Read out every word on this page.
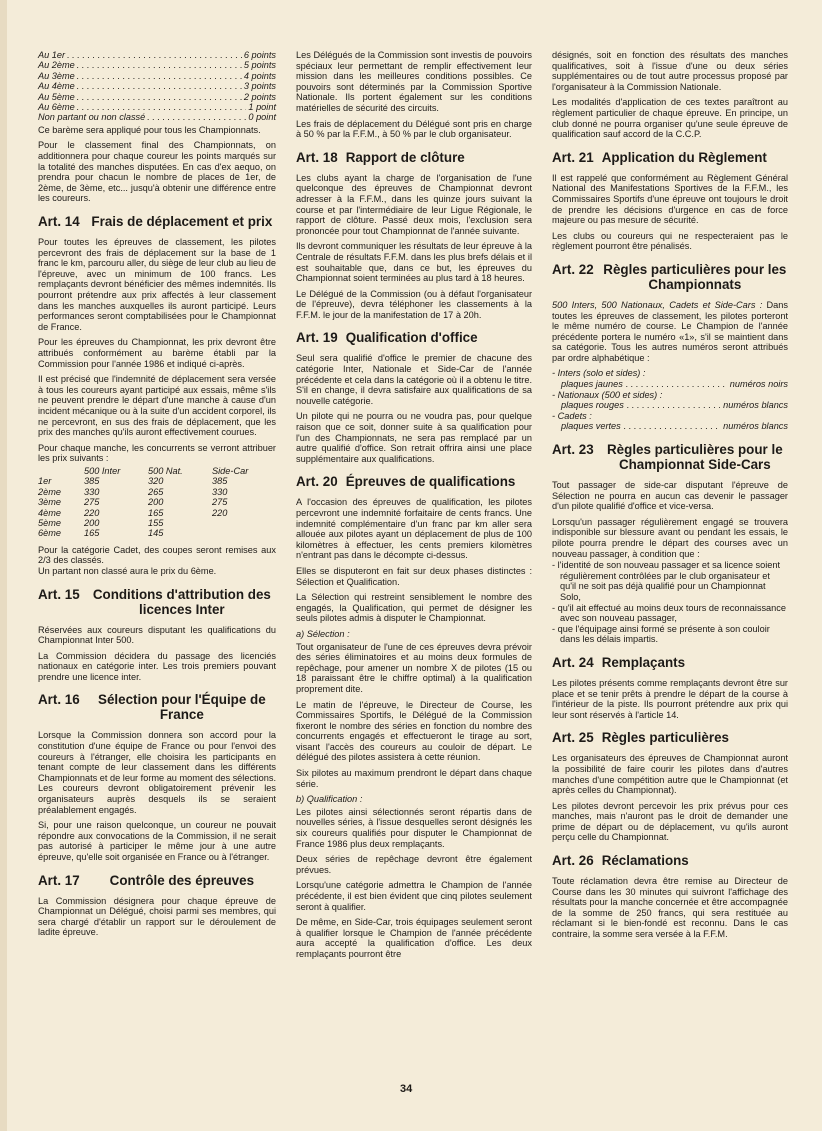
Au 1er . . .	6 points
Au 2ème . . .	5 points
Au 3ème . . .	4 points
Au 4ème . . .	3 points
Au 5ème . . .	2 points
Au 6ème . . .	1 point
Non partant ou non classé . . .	0 point

Ce barème sera appliqué pour tous les Championnats.

Pour le classement final des Championnats, on additionnera pour chaque coureur les points marqués sur la totalité des manches disputées. En cas d'ex aequo, on prendra pour chacun le nombre de places de 1er, de 2ème, de 3ème, etc... jusqu'à obtenir une différence entre les coureurs.

Art. 14 Frais de déplacement et prix

Pour toutes les épreuves de classement, les pilotes percevront des frais de déplacement sur la base de 1 franc le km, parcouru aller, du siège de leur club au lieu de l'épreuve, avec un minimum de 100 francs. Les remplaçants devront bénéficier des mêmes indemnités. Ils pourront prétendre aux prix affectés à leur classement dans les manches auxquelles ils auront participé. Leurs performances seront comptabilisées pour le Championnat de France.

Pour les épreuves du Championnat, les prix devront être attribués conformément au barème établi par la Commission pour l'année 1986 et indiqué ci-après.

Il est précisé que l'indemnité de déplacement sera versée à tous les coureurs ayant participé aux essais, même s'ils ne peuvent prendre le départ d'une manche à cause d'un incident mécanique ou à la suite d'un accident corporel, ils ne percevront, en sus des frais de déplacement, que les prix des manches qu'ils auront effectivement courues.

Pour chaque manche, les concurrents se verront attribuer les prix suivants :

	500 Inter	500 Nat.	Side-Car
1er	385	320	385
2ème	330	265	330
3ème	275	200	275
4ème	220	165	220
5ème	200	155	
6ème	165	145	

Pour la catégorie Cadet, des coupes seront remises aux 2/3 des classés.

Un partant non classé aura le prix du 6ème.

Art. 15 Conditions d'attribution des licences Inter

Réservées aux coureurs disputant les qualifications du Championnat Inter 500.

La Commission décidera du passage des licenciés nationaux en catégorie inter. Les trois premiers pouvant prendre une licence inter.

Art. 16	Sélection pour l'Équipe de France

Lorsque la Commission donnera son accord pour la constitution d'une équipe de France ou pour l'envoi des coureurs à l'étranger, elle choisira les participants en tenant compte de leur classement dans les différents Championnats et de leur forme au moment des sélections. Les coureurs devront obligatoirement prévenir les organisateurs auprès desquels ils se seraient préalablement engagés.

Si, pour une raison quelconque, un coureur ne pouvait répondre aux convocations de la Commission, il ne serait pas autorisé à participer le même jour à une autre épreuve, qu'elle soit organisée en France ou à l'étranger.

Art. 17	Contrôle des épreuves

La Commission désignera pour chaque épreuve de Championnat un Délégué, choisi parmi ses membres, qui sera chargé d'établir un rapport sur le déroulement de ladite épreuve.

Les Délégués de la Commission sont investis de pouvoirs spéciaux leur permettant de remplir effectivement leur mission dans les meilleures conditions possibles. Ce pouvoirs sont déterminés par la Commission Sportive Nationale. Ils portent également sur les conditions matérielles de sécurité des circuits.

Les frais de déplacement du Délégué sont pris en charge à 50 % par la F.F.M., à 50 % par le club organisateur.

Art. 18 Rapport de clôture

Les clubs ayant la charge de l'organisation de l'une quelconque des épreuves de Championnat devront adresser à la F.F.M., dans les quinze jours suivant la course et par l'intermédiaire de leur Ligue Régionale, le rapport de clôture. Passé deux mois, l'exclusion sera prononcée pour tout Championnat de l'année suivante.

Ils devront communiquer les résultats de leur épreuve à la Centrale de résultats F.F.M. dans les plus brefs délais et il est souhaitable que, dans ce but, les épreuves du Championnat soient terminées au plus tard à 18 heures.

Le Délégué de la Commission (ou à défaut l'organisateur de l'épreuve), devra téléphoner les classements à la F.F.M. le jour de la manifestation de 17 à 20h.

Art. 19 Qualification d'office

Seul sera qualifié d'office le premier de chacune des catégorie Inter, Nationale et Side-Car de l'année précédente et cela dans la catégorie où il a obtenu le titre. S'il en change, il devra satisfaire aux qualifications de sa nouvelle catégorie.

Un pilote qui ne pourra ou ne voudra pas, pour quelque raison que ce soit, donner suite à sa qualification pour l'un des Championnats, ne sera pas remplacé par un autre qualifié d'office. Son retrait offrira ainsi une place supplémentaire aux qualifications.

Art. 20 Épreuves de qualifications

A l'occasion des épreuves de qualification, les pilotes percevront une indemnité forfaitaire de cents francs. Une indemnité complémentaire d'un franc par km aller sera allouée aux pilotes ayant un déplacement de plus de 100 kilomètres à effectuer, les cents premiers kilomètres n'entrant pas dans le décompte ci-dessus.

Elles se disputeront en fait sur deux phases distinctes : Sélection et Qualification.

La Sélection qui restreint sensiblement le nombre des engagés, la Qualification, qui permet de désigner les seuls pilotes admis à disputer le Championnat.

a) Sélection :

Tout organisateur de l'une de ces épreuves devra prévoir des séries éliminatoires et au moins deux formules de repêchage, pour amener un nombre X de pilotes (15 ou 18 paraissant être le chiffre optimal) à la qualification proprement dite.

Le matin de l'épreuve, le Directeur de Course, les Commissaires Sportifs, le Délégué de la Commission fixeront le nombre des séries en fonction du nombre des concurrents engagés et effectueront le tirage au sort, visant l'accès des coureurs au couloir de départ. Le délégué des pilotes assistera à cette réunion.

Six pilotes au maximum prendront le départ dans chaque série.

b) Qualification :

Les pilotes ainsi sélectionnés seront répartis dans de nouvelles séries, à l'issue desquelles seront désignés les six coureurs qualifiés pour disputer le Championnat de France 1986 plus deux remplaçants.

Deux séries de repêchage devront être également prévues.

Lorsqu'une catégorie admettra le Champion de l'année précédente, il est bien évident que cinq pilotes seulement seront à qualifier.

De même, en Side-Car, trois équipages seulement seront à qualifier lorsque le Champion de l'année précédente aura accepté la qualification d'office. Les deux remplaçants pourront être

désignés, soit en fonction des résultats des manches qualificatives, soit à l'issue d'une ou deux séries supplémentaires ou de tout autre processus proposé par l'organisateur à la Commission Nationale.

Les modalités d'application de ces textes paraîtront au règlement particulier de chaque épreuve. En principe, un club donné ne pourra organiser qu'une seule épreuve de qualification sauf accord de la C.C.P.

Art. 21 Application du Règlement

Il est rappelé que conformément au Règlement Général National des Manifestations Sportives de la F.F.M., les Commissaires Sportifs d'une épreuve ont toujours le droit de prendre les décisions d'urgence en cas de force majeure ou pas mesure de sécurité.

Les clubs ou coureurs qui ne respecteraient pas le règlement pourront être pénalisés.

Art. 22 Règles particulières pour les Championnats

500 Inters, 500 Nationaux, Cadets et Side-Cars : Dans toutes les épreuves de classement, les pilotes porteront le même numéro de course. Le Champion de l'année précédente portera le numéro «1», s'il se maintient dans sa catégorie. Tous les autres numéros seront attribués par ordre alphabétique :

- Inters (solo et sides) :
plaques jaunes . . .	numéros noirs
- Nationaux (500 et sides) :
plaques rouges . . .	numéros blancs
- Cadets :
plaques vertes . . .	numéros blancs
Art. 23 Règles particulières pour le Championnat Side-Cars

Tout passager de side-car disputant l'épreuve de Sélection ne pourra en aucun cas devenir le passager d'un pilote qualifié d'office et vice-versa.

Lorsqu'un passager régulièrement engagé se trouvera indisponible sur blessure avant ou pendant les essais, le pilote pourra prendre le départ des courses avec un nouveau passager, à condition que :

- l'identité de son nouveau passager et sa licence soient régulièrement contrôlées par le club organisateur et qu'il ne soit pas déjà qualifié pour un Championnat Solo,
- qu'il ait effectué au moins deux tours de reconnaissance avec son nouveau passager,
- que l'équipage ainsi formé se présente à son couloir dans les délais impartis.
Art. 24 Remplaçants

Les pilotes présents comme remplaçants devront être sur place et se tenir prêts à prendre le départ de la course à l'intérieur de la piste. Ils pourront prétendre aux prix qui leur sont réservés à l'article 14.

Art. 25 Règles particulières

Les organisateurs des épreuves de Championnat auront la possibilité de faire courir les pilotes dans d'autres manches d'une compétition autre que le Championnat (et après celles du Championnat).

Les pilotes devront percevoir les prix prévus pour ces manches, mais n'auront pas le droit de demander une prime de départ ou de déplacement, vu qu'ils auront perçu celle du Championnat.

Art. 26 Réclamations

Toute réclamation devra être remise au Directeur de Course dans les 30 minutes qui suivront l'affichage des résultats pour la manche concernée et être accompagnée de la somme de 250 francs, qui sera restituée au réclamant si le bien-fondé est reconnu. Dans le cas contraire, la somme sera versée à la F.F.M.

34
